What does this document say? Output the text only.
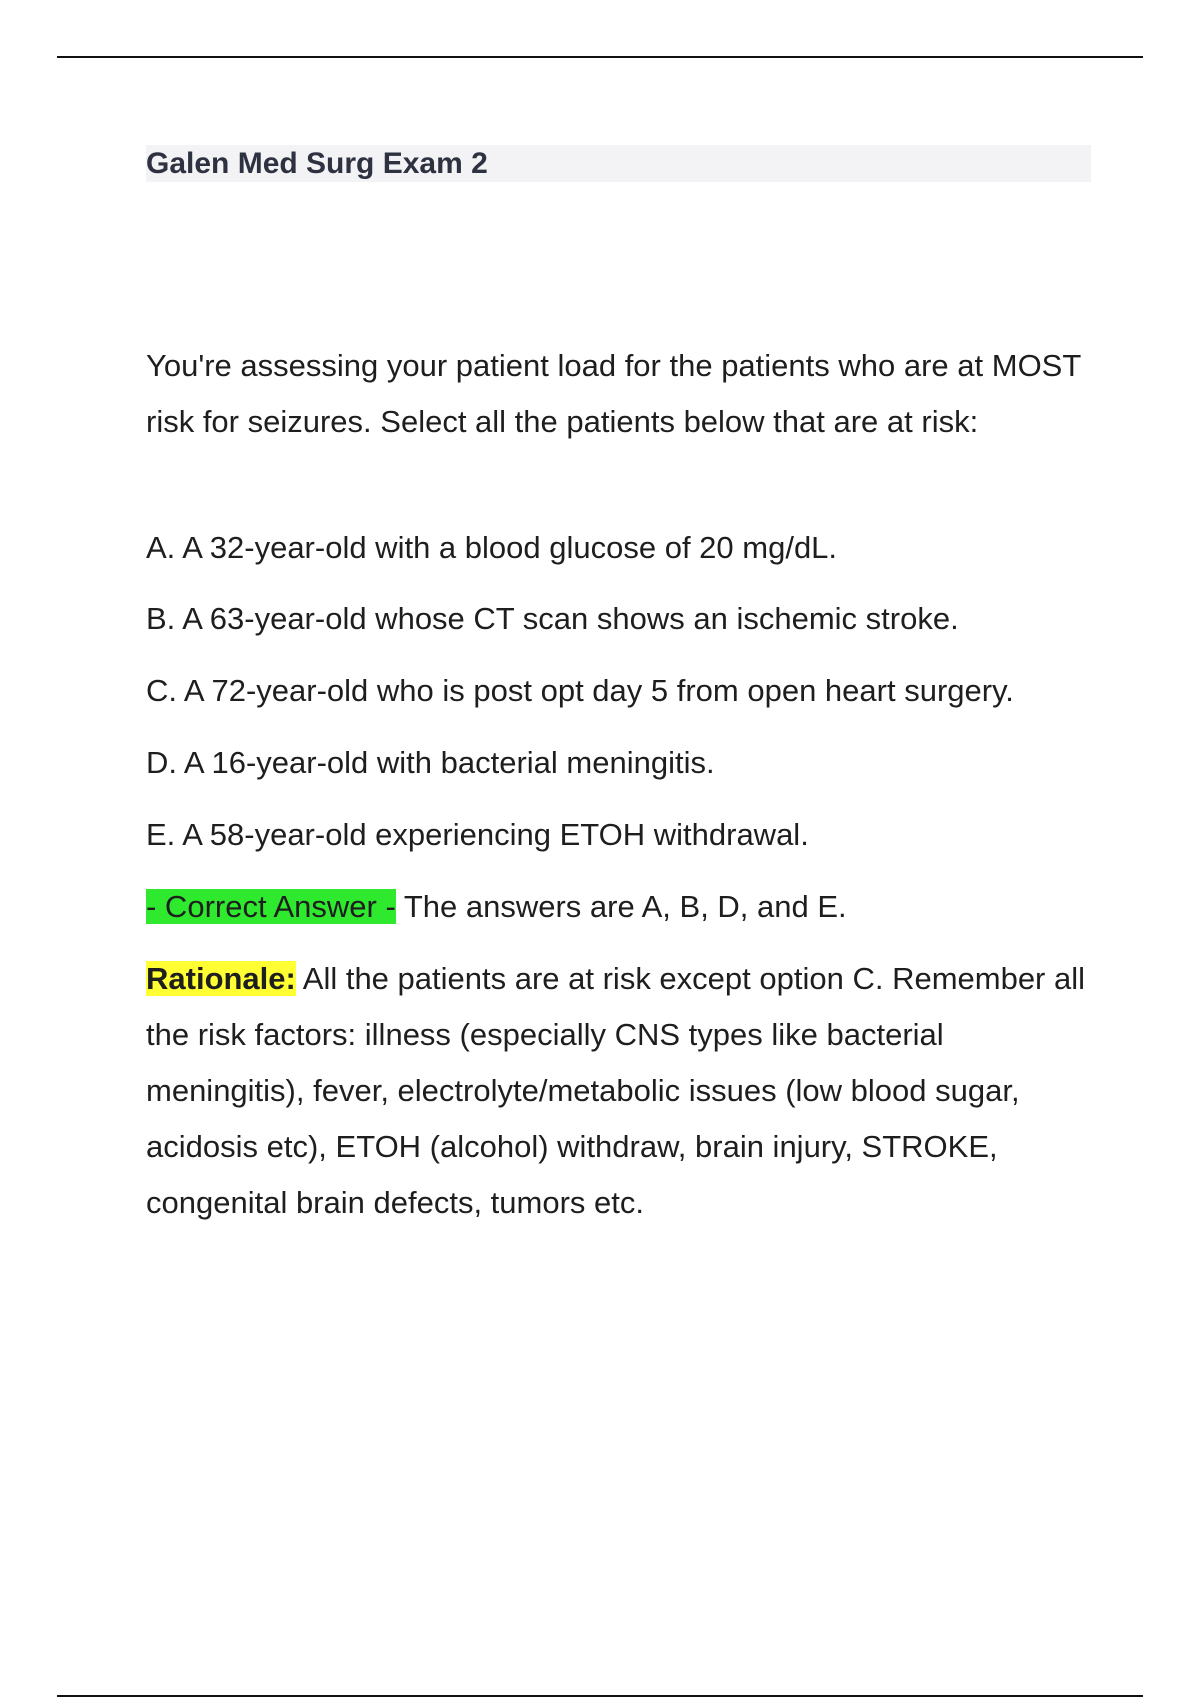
Galen Med Surg Exam 2
You're assessing your patient load for the patients who are at MOST risk for seizures. Select all the patients below that are at risk:
A. A 32-year-old with a blood glucose of 20 mg/dL.
B. A 63-year-old whose CT scan shows an ischemic stroke.
C. A 72-year-old who is post opt day 5 from open heart surgery.
D. A 16-year-old with bacterial meningitis.
E. A 58-year-old experiencing ETOH withdrawal.
- Correct Answer - The answers are A, B, D, and E.
Rationale: All the patients are at risk except option C. Remember all the risk factors: illness (especially CNS types like bacterial meningitis), fever, electrolyte/metabolic issues (low blood sugar, acidosis etc), ETOH (alcohol) withdraw, brain injury, STROKE, congenital brain defects, tumors etc.
